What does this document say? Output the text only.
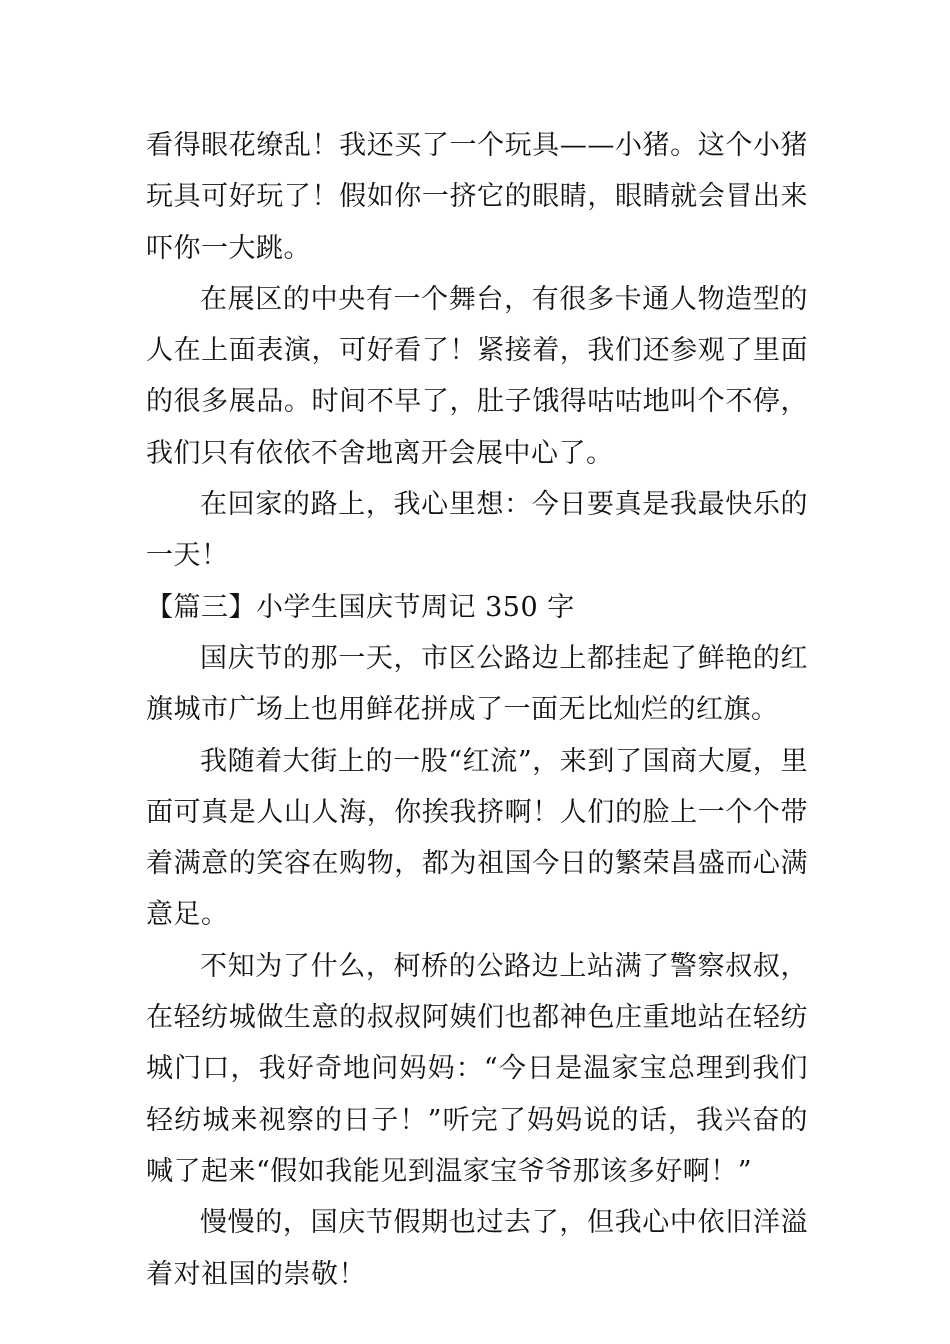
看得眼花缭乱！我还买了一个玩具——小猪。这个小猪玩具可好玩了！假如你一挤它的眼睛，眼睛就会冒出来吓你一大跳。

在展区的中央有一个舞台，有很多卡通人物造型的人在上面表演，可好看了！紧接着，我们还参观了里面的很多展品。时间不早了，肚子饿得咕咕地叫个不停，我们只有依依不舍地离开会展中心了。

在回家的路上，我心里想：今日要真是我最快乐的一天！

【篇三】小学生国庆节周记 350 字

国庆节的那一天，市区公路边上都挂起了鲜艳的红旗城市广场上也用鲜花拼成了一面无比灿烂的红旗。

我随着大街上的一股“红流”，来到了国商大厦，里面可真是人山人海，你挨我挤啊！人们的脸上一个个带着满意的笑容在购物，都为祖国今日的繁荣昌盛而心满意足。

不知为了什么，柯桥的公路边上站满了警察叔叔，在轻纺城做生意的叔叔阿姨们也都神色庄重地站在轻纺城门口，我好奇地问妈妈：“今日是温家宝总理到我们轻纺城来视察的日子！”听完了妈妈说的话，我兴奋的喊了起来“假如我能见到温家宝爷爷那该多好啊！”

慢慢的，国庆节假期也过去了，但我心中依旧洋溢着对祖国的崇敬！
